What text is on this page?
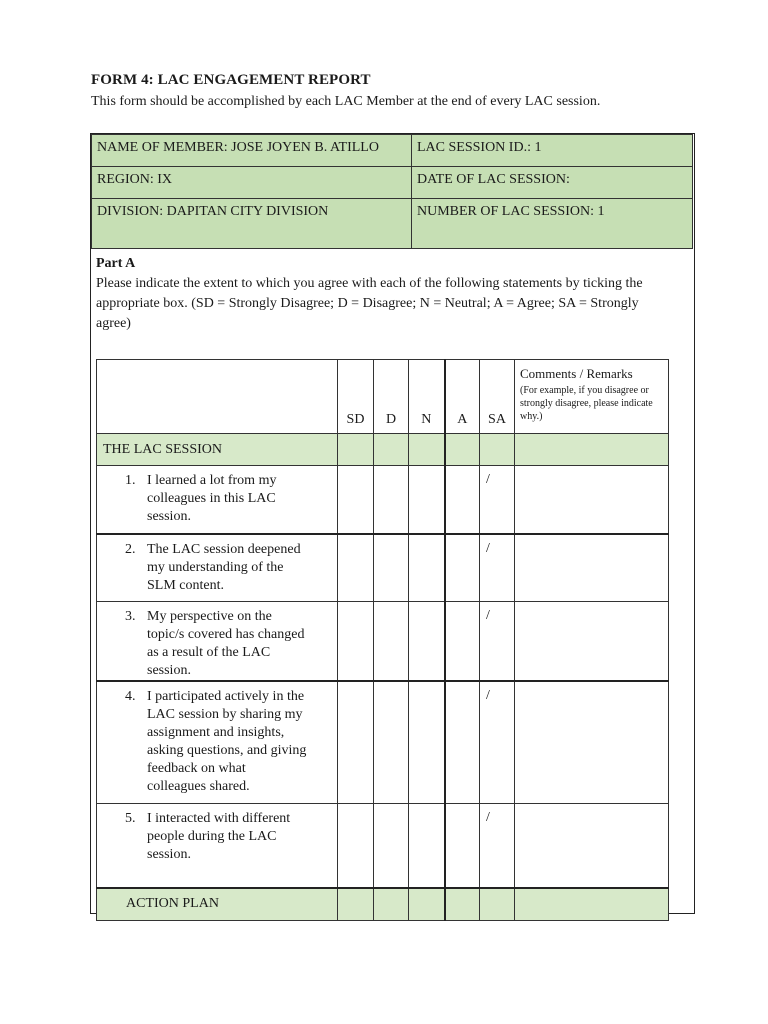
FORM 4: LAC ENGAGEMENT REPORT
This form should be accomplished by each LAC Member at the end of every LAC session.
NAME OF MEMBER: JOSE JOYEN B. ATILLO	LAC SESSION ID.: 1
REGION: IX	DATE OF LAC SESSION:
DIVISION: DAPITAN CITY DIVISION	NUMBER OF LAC SESSION: 1
Part A
Please indicate the extent to which you agree with each of the following statements by ticking the appropriate box. (SD = Strongly Disagree; D = Disagree; N = Neutral; A = Agree; SA = Strongly agree)
	SD	D	N	A	SA	Comments / Remarks
(For example, if you disagree or strongly disagree, please indicate why.)

THE LAC SESSION						
1. I learned a lot from my colleagues in this LAC session.					/	
2. The LAC session deepened my understanding of the SLM content.					/	
3. My perspective on the topic/s covered has changed as a result of the LAC session.					/	
4. I participated actively in the LAC session by sharing my assignment and insights, asking questions, and giving feedback on what colleagues shared.					/	
5. I interacted with different people during the LAC session.					/	
ACTION PLAN						
